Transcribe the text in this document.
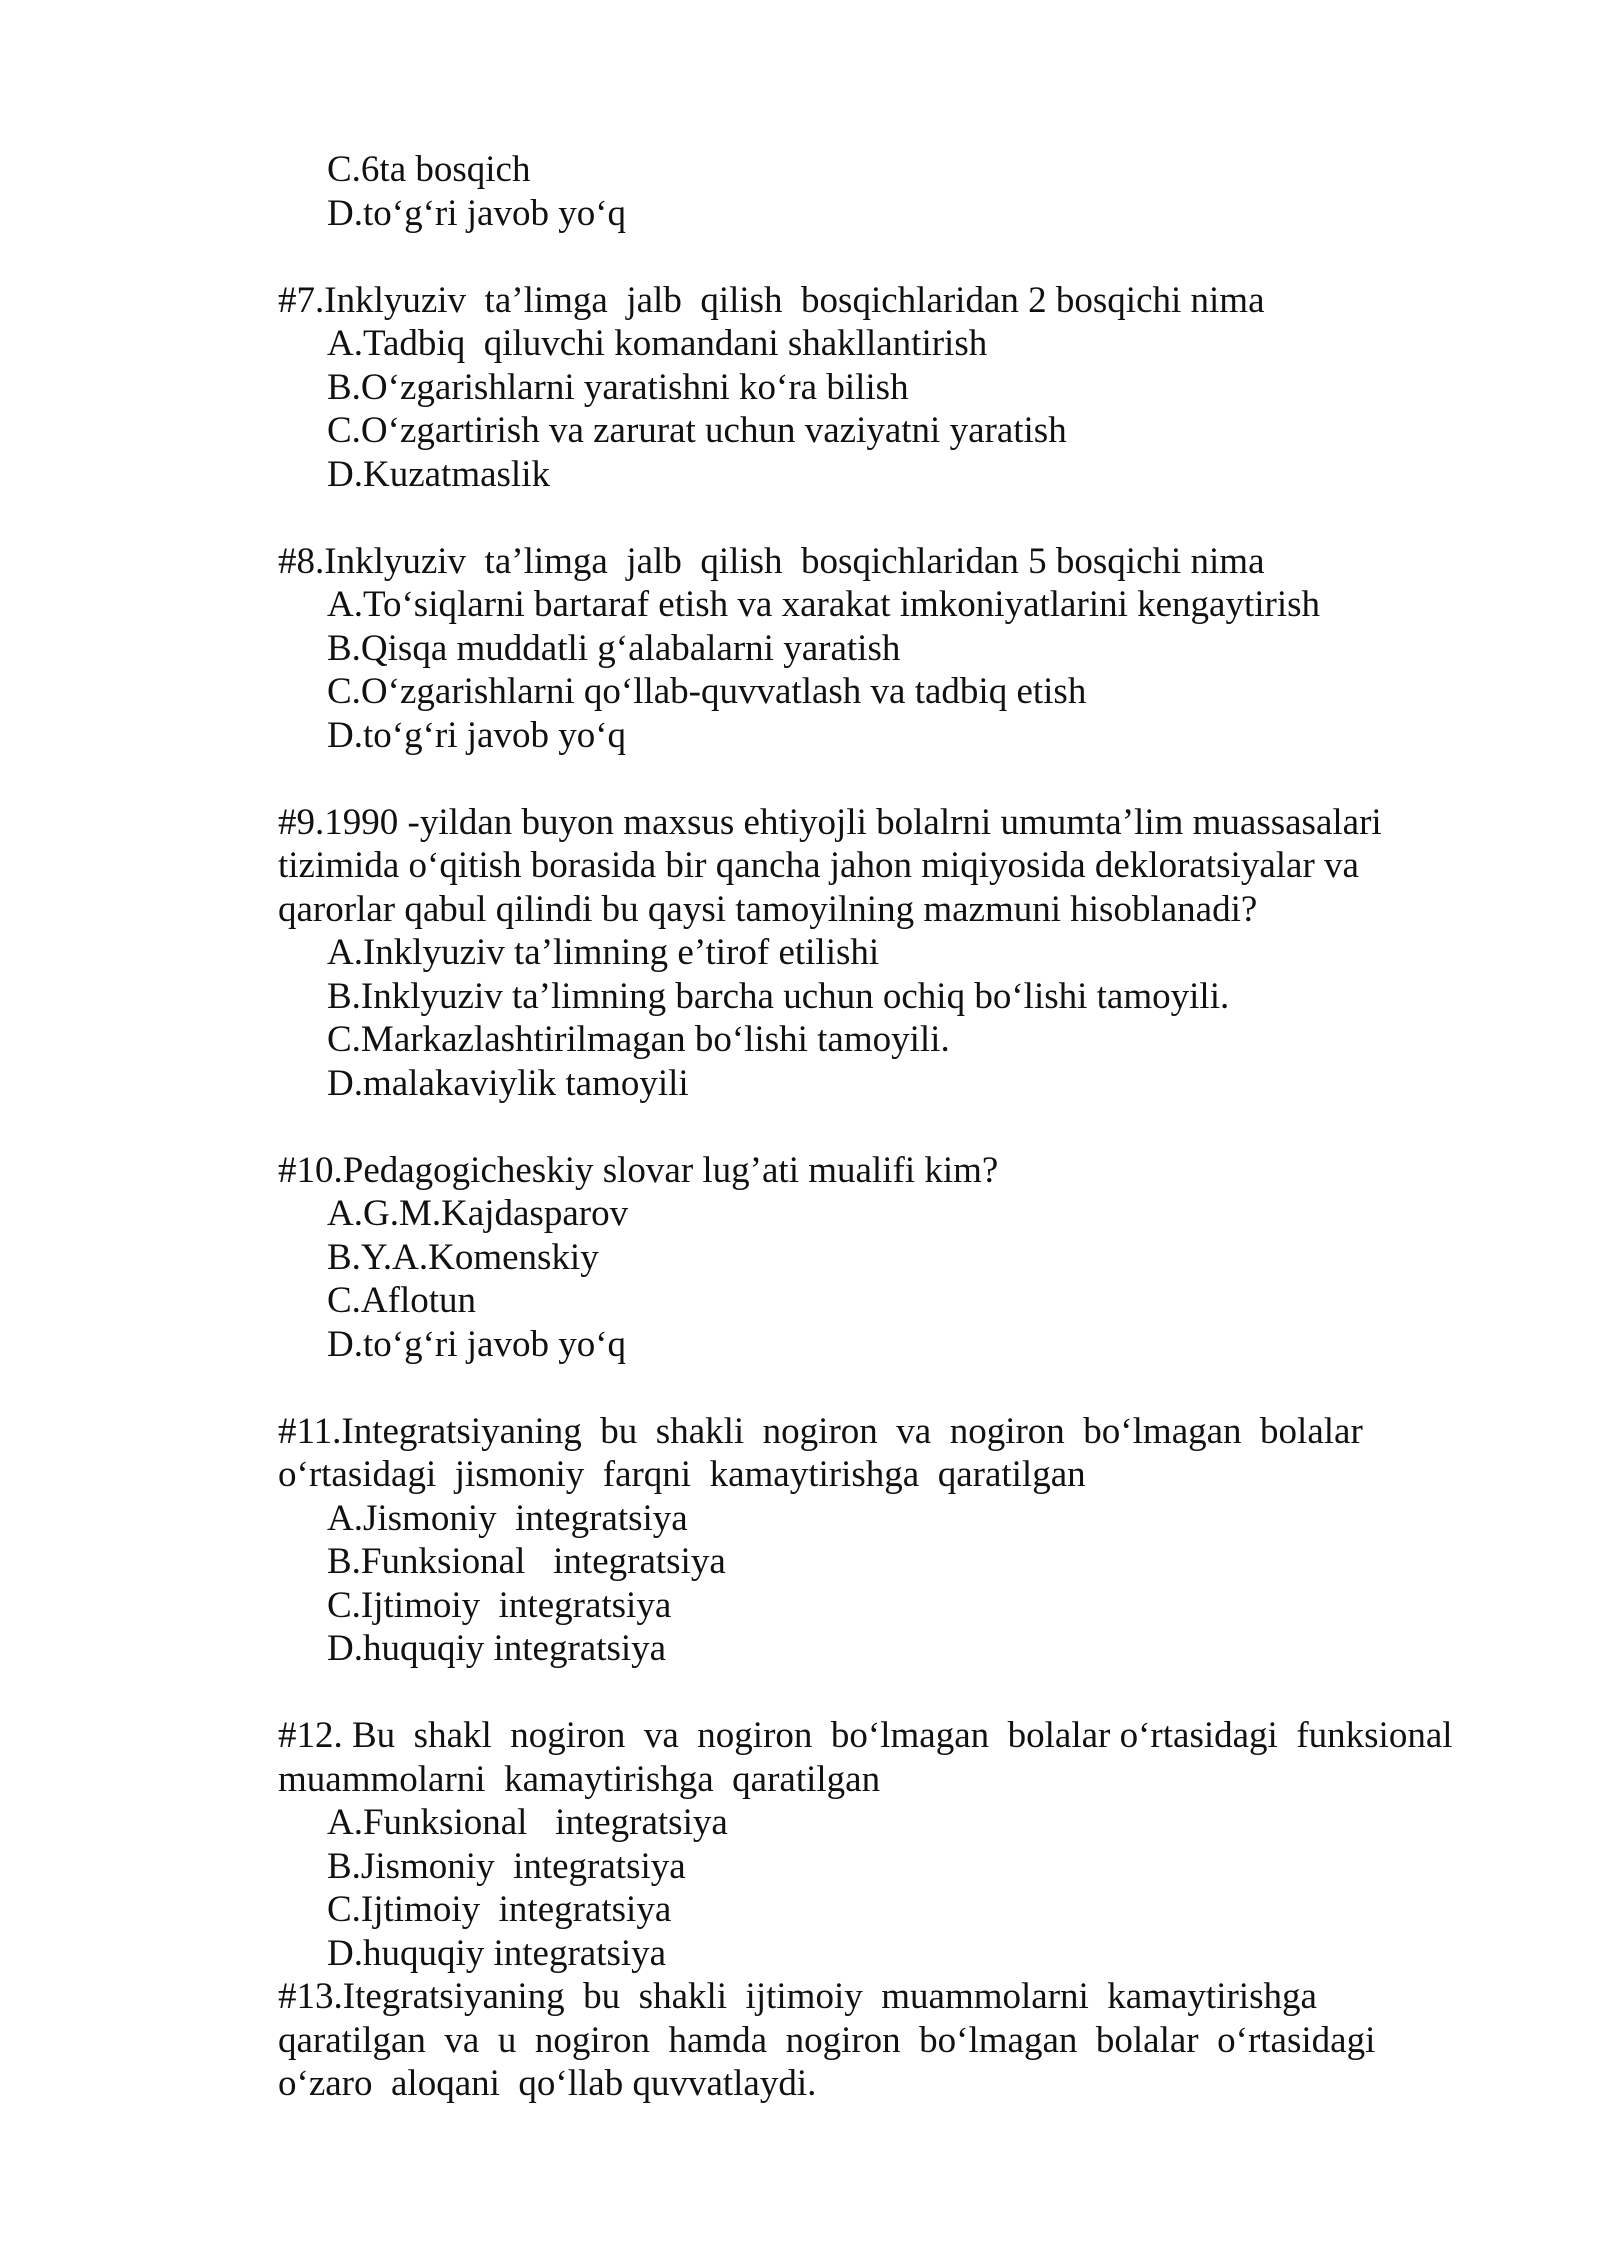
C.6ta bosqich
D.to‘g‘ri javob yo‘q
#7.Inklyuziv  ta’limga  jalb  qilish  bosqichlaridan 2 bosqichi nima
A.Tadbiq  qiluvchi komandani shakllantirish
B.O‘zgarishlarni yaratishni ko‘ra bilish
C.O‘zgartirish va zarurat uchun vaziyatni yaratish
D.Kuzatmaslik
#8.Inklyuziv  ta’limga  jalb  qilish  bosqichlaridan 5 bosqichi nima
A.To‘siqlarni bartaraf etish va xarakat imkoniyatlarini kengaytirish
B.Qisqa muddatli g‘alabalarni yaratish
C.O‘zgarishlarni qo‘llab-quvvatlash va tadbiq etish
D.to‘g‘ri javob yo‘q
#9.1990 -yildan buyon maxsus ehtiyojli bolalrni umumta’lim muassasalari
tizimida o‘qitish borasida bir qancha jahon miqiyosida dekloratsiyalar va
qarorlar qabul qilindi bu qaysi tamoyilning mazmuni hisoblanadi?
A.Inklyuziv ta’limning e’tirof etilishi
B.Inklyuziv ta’limning barcha uchun ochiq bo‘lishi tamoyili.
C.Markazlashtirilmagan bo‘lishi tamoyili.
D.malakaviylik tamoyili
#10.Pedagogicheskiy slovar lug’ati mualifi kim?
A.G.M.Kajdasparov
B.Y.A.Komenskiy
C.Aflotun
D.to‘g‘ri javob yo‘q
#11.Integratsiyaning  bu  shakli  nogiron  va  nogiron  bo‘lmagan  bolalar
o‘rtasidagi  jismoniy  farqni  kamaytirishga  qaratilgan
A.Jismoniy  integratsiya
B.Funksional   integratsiya
C.Ijtimoiy  integratsiya
D.huquqiy integratsiya
#12. Bu  shakl  nogiron  va  nogiron  bo‘lmagan  bolalar o‘rtasidagi  funksional
muammolarni  kamaytirishga  qaratilgan
A.Funksional   integratsiya
B.Jismoniy  integratsiya
C.Ijtimoiy  integratsiya
D.huquqiy integratsiya
#13.Itegratsiyaning  bu  shakli  ijtimoiy  muammolarni  kamaytirishga
qaratilgan  va  u  nogiron  hamda  nogiron  bo‘lmagan  bolalar  o‘rtasidagi
o‘zaro  aloqani  qo‘llab quvvatlaydi.
